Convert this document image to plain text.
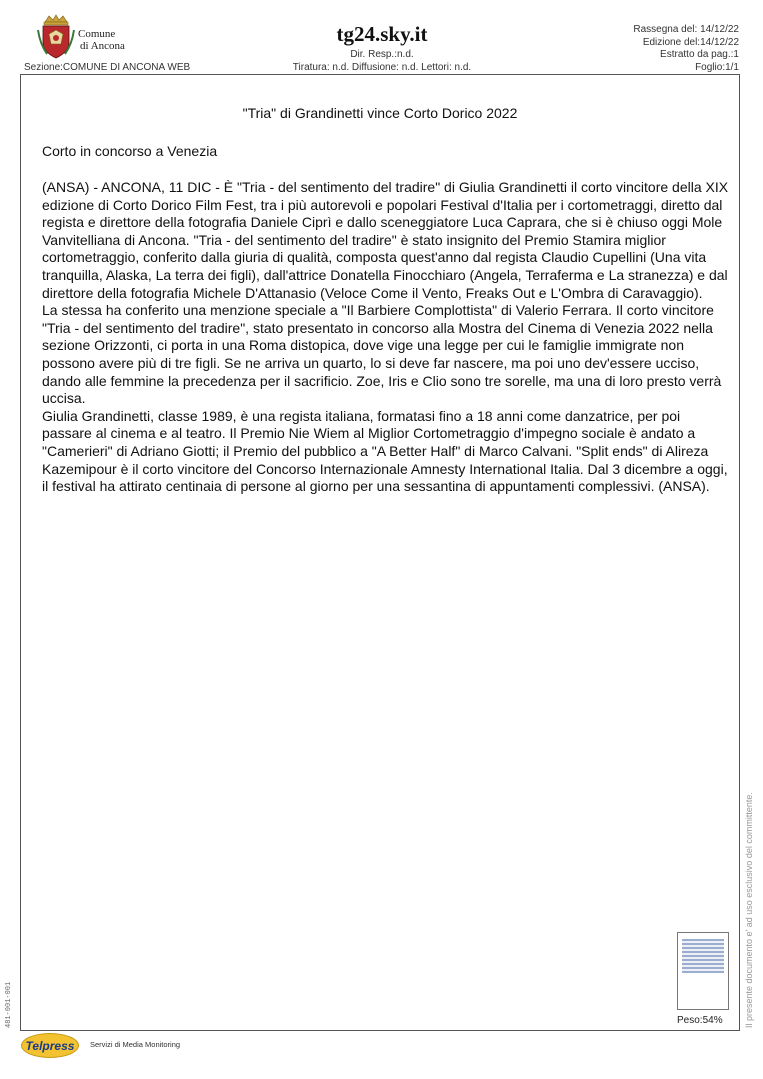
Comune
di Ancona
Sezione:COMUNE DI ANCONA WEB
tg24.sky.it
Dir. Resp.:n.d.
Tiratura: n.d. Diffusione: n.d. Lettori: n.d.
Rassegna del: 14/12/22
Edizione del:14/12/22
Estratto da pag.:1
Foglio:1/1
"Tria" di Grandinetti vince Corto Dorico 2022
Corto in concorso a Venezia

(ANSA) - ANCONA, 11 DIC - È "Tria - del sentimento del tradire" di Giulia Grandinetti il corto vincitore della XIX edizione di Corto Dorico Film Fest, tra i più autorevoli e popolari Festival d'Italia per i cortometraggi, diretto dal regista e direttore della fotografia Daniele Ciprì e dallo sceneggiatore Luca Caprara, che si è chiuso oggi Mole Vanvitelliana di Ancona. "Tria - del sentimento del tradire" è stato insignito del Premio Stamira miglior cortometraggio, conferito dalla giuria di qualità, composta quest'anno dal regista Claudio Cupellini (Una vita tranquilla, Alaska, La terra dei figli), dall'attrice Donatella Finocchiaro (Angela, Terraferma e La stranezza) e dal direttore della fotografia Michele D'Attanasio (Veloce Come il Vento, Freaks Out e L'Ombra di Caravaggio).

La stessa ha conferito una menzione speciale a "Il Barbiere Complottista" di Valerio Ferrara. Il corto vincitore "Tria - del sentimento del tradire", stato presentato in concorso alla Mostra del Cinema di Venezia 2022 nella sezione Orizzonti, ci porta in una Roma distopica, dove vige una legge per cui le famiglie immigrate non possono avere più di tre figli. Se ne arriva un quarto, lo si deve far nascere, ma poi uno dev'essere ucciso, dando alle femmine la precedenza per il sacrificio. Zoe, Iris e Clio sono tre sorelle, ma una di loro presto verrà uccisa.

Giulia Grandinetti, classe 1989, è una regista italiana, formatasi fino a 18 anni come danzatrice, per poi passare al cinema e al teatro. Il Premio Nie Wiem al Miglior Cortometraggio d'impegno sociale è andato a "Camerieri" di Adriano Giotti; il Premio del pubblico a "A Better Half" di Marco Calvani. "Split ends" di Alireza Kazemipour è il corto vincitore del Concorso Internazionale Amnesty International Italia. Dal 3 dicembre a oggi, il festival ha attirato centinaia di persone al giorno per una sessantina di appuntamenti complessivi. (ANSA).

Peso:54%	Il presente documento e' ad uso esclusivo del committente.
481-001-001
Telpress	Servizi di Media Monitoring
